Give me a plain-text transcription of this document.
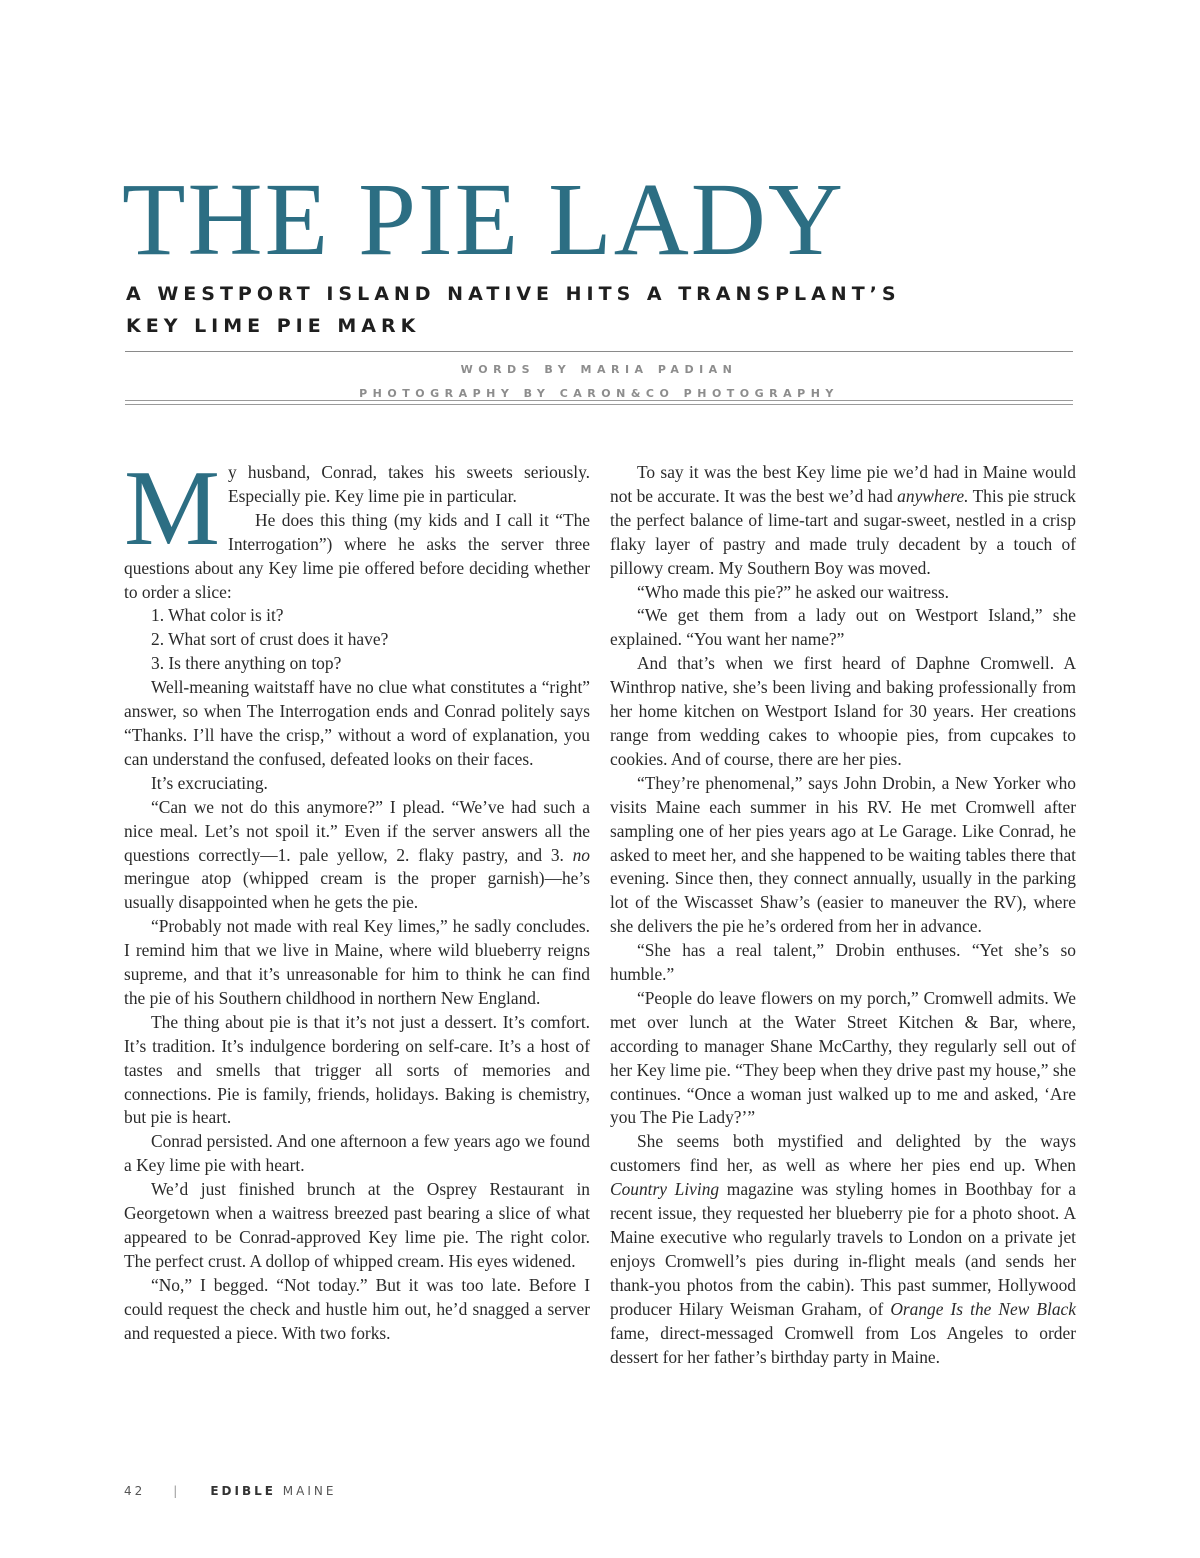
THE PIE LADY
A WESTPORT ISLAND NATIVE HITS A TRANSPLANT’S
KEY LIME PIE MARK
WORDS BY MARIA PADIAN
PHOTOGRAPHY BY CARON&CO PHOTOGRAPHY

My husband, Conrad, takes his sweets seriously. Especially pie. Key lime pie in particular.

He does this thing (my kids and I call it “The Interrogation”) where he asks the server three questions about any Key lime pie offered before deciding whether to order a slice:

1. What color is it?

2. What sort of crust does it have?

3. Is there anything on top?

Well-meaning waitstaff have no clue what constitutes a “right” answer, so when The Interrogation ends and Conrad politely says “Thanks. I’ll have the crisp,” without a word of explanation, you can understand the confused, defeated looks on their faces.

It’s excruciating.

“Can we not do this anymore?” I plead. “We’ve had such a nice meal. Let’s not spoil it.” Even if the server answers all the questions correctly—1. pale yellow, 2. flaky pastry, and 3. no meringue atop (whipped cream is the proper garnish)—he’s usually disappointed when he gets the pie.

“Probably not made with real Key limes,” he sadly concludes. I remind him that we live in Maine, where wild blueberry reigns supreme, and that it’s unreasonable for him to think he can find the pie of his Southern childhood in northern New England.

The thing about pie is that it’s not just a dessert. It’s comfort. It’s tradition. It’s indulgence bordering on self-care. It’s a host of tastes and smells that trigger all sorts of memories and connections. Pie is family, friends, holidays. Baking is chemistry, but pie is heart.

Conrad persisted. And one afternoon a few years ago we found a Key lime pie with heart.

We’d just finished brunch at the Osprey Restaurant in Georgetown when a waitress breezed past bearing a slice of what appeared to be Conrad-approved Key lime pie. The right color. The perfect crust. A dollop of whipped cream. His eyes widened.

“No,” I begged. “Not today.” But it was too late. Before I could request the check and hustle him out, he’d snagged a server and requested a piece. With two forks.

To say it was the best Key lime pie we’d had in Maine would not be accurate. It was the best we’d had anywhere. This pie struck the perfect balance of lime-tart and sugar-sweet, nestled in a crisp flaky layer of pastry and made truly decadent by a touch of pillowy cream. My Southern Boy was moved.

“Who made this pie?” he asked our waitress.

“We get them from a lady out on Westport Island,” she explained. “You want her name?”

And that’s when we first heard of Daphne Cromwell. A Winthrop native, she’s been living and baking professionally from her home kitchen on Westport Island for 30 years. Her creations range from wedding cakes to whoopie pies, from cupcakes to cookies. And of course, there are her pies.

“They’re phenomenal,” says John Drobin, a New Yorker who visits Maine each summer in his RV. He met Cromwell after sampling one of her pies years ago at Le Garage. Like Conrad, he asked to meet her, and she happened to be waiting tables there that evening. Since then, they connect annually, usually in the parking lot of the Wiscasset Shaw’s (easier to maneuver the RV), where she delivers the pie he’s ordered from her in advance.

“She has a real talent,” Drobin enthuses. “Yet she’s so humble.”

“People do leave flowers on my porch,” Cromwell admits. We met over lunch at the Water Street Kitchen & Bar, where, according to manager Shane McCarthy, they regularly sell out of her Key lime pie. “They beep when they drive past my house,” she continues. “Once a woman just walked up to me and asked, ‘Are you The Pie Lady?’”

She seems both mystified and delighted by the ways customers find her, as well as where her pies end up. When Country Living magazine was styling homes in Boothbay for a recent issue, they requested her blueberry pie for a photo shoot. A Maine executive who regularly travels to London on a private jet enjoys Cromwell’s pies during in-flight meals (and sends her thank-you photos from the cabin). This past summer, Hollywood producer Hilary Weisman Graham, of Orange Is the New Black fame, direct-messaged Cromwell from Los Angeles to order dessert for her father’s birthday party in Maine.

42 |	EDIBLE MAINE
